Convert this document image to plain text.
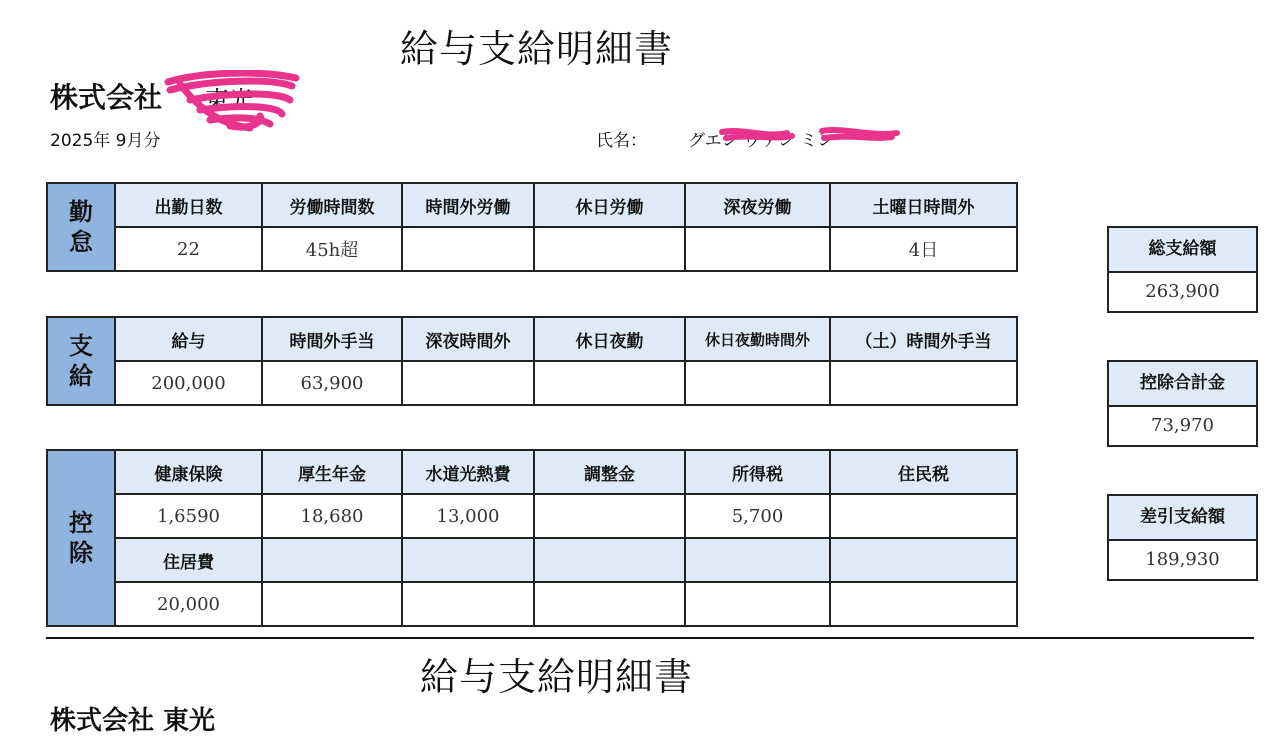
給与支給明細書
株式会社 東光
2025年 9月分	氏名： グエン ヴァン ミン
勤
怠	出勤日数	労働時間数	時間外労働	休日労働	深夜労働	土曜日時間外
	22	45h超				4日
支
給	給与	時間外手当	深夜時間外	休日夜勤	休日夜勤時間外	（土）時間外手当
	200,000	63,900				
控
除	健康保険	厚生年金	水道光熱費	調整金	所得税	住民税
	1,6590	18,680	13,000		5,700	
	住居費					
	20,000					
総支給額
263,900
控除合計金
73,970
差引支給額
189,930
給与支給明細書
株式会社 東光
